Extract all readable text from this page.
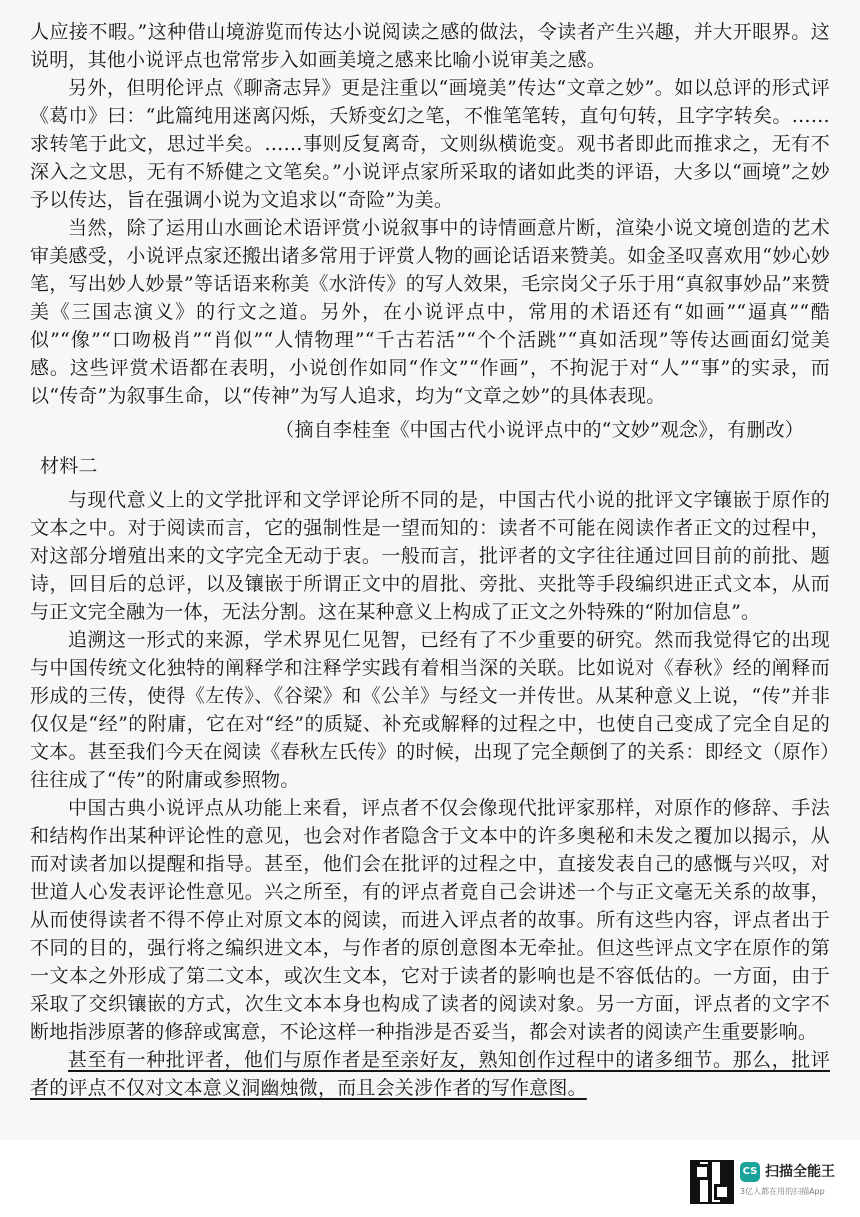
人应接不暇。”这种借山境游览而传达小说阅读之感的做法，令读者产生兴趣，并大开眼界。这说明，其他小说评点也常常步入如画美境之感来比喻小说审美之感。

另外，但明伦评点《聊斋志异》更是注重以“画境美”传达“文章之妙”。如以总评的形式评《葛巾》曰：“此篇纯用迷离闪烁，夭矫变幻之笔，不惟笔笔转，直句句转，且字字转矣。……求转笔于此文，思过半矣。……事则反复离奇，文则纵横诡变。观书者即此而推求之，无有不深入之文思，无有不矫健之文笔矣。”小说评点家所采取的诸如此类的评语，大多以“画境”之妙予以传达，旨在强调小说为文追求以“奇险”为美。

当然，除了运用山水画论术语评赏小说叙事中的诗情画意片断，渲染小说文境创造的艺术审美感受，小说评点家还搬出诸多常用于评赏人物的画论话语来赞美。如金圣叹喜欢用“妙心妙笔，写出妙人妙景”等话语来称美《水浒传》的写人效果，毛宗岗父子乐于用“真叙事妙品”来赞美《三国志演义》的行文之道。另外，在小说评点中，常用的术语还有“如画”“逼真”“酷似”“像”“口吻极肖”“肖似”“人情物理”“千古若活”“个个活跳”“真如活现”等传达画面幻觉美感。这些评赏术语都在表明，小说创作如同“作文”“作画”，不拘泥于对“人”“事”的实录，而以“传奇”为叙事生命，以“传神”为写人追求，均为“文章之妙”的具体表现。

（摘自李桂奎《中国古代小说评点中的“文妙”观念》，有删改）

材料二

与现代意义上的文学批评和文学评论所不同的是，中国古代小说的批评文字镶嵌于原作的文本之中。对于阅读而言，它的强制性是一望而知的：读者不可能在阅读作者正文的过程中，对这部分增殖出来的文字完全无动于衷。一般而言，批评者的文字往往通过回目前的前批、题诗，回目后的总评，以及镶嵌于所谓正文中的眉批、旁批、夹批等手段编织进正式文本，从而与正文完全融为一体，无法分割。这在某种意义上构成了正文之外特殊的“附加信息”。

追溯这一形式的来源，学术界见仁见智，已经有了不少重要的研究。然而我觉得它的出现与中国传统文化独特的阐释学和注释学实践有着相当深的关联。比如说对《春秋》经的阐释而形成的三传，使得《左传》、《谷梁》和《公羊》与经文一并传世。从某种意义上说，“传”并非仅仅是“经”的附庸，它在对“经”的质疑、补充或解释的过程之中，也使自己变成了完全自足的文本。甚至我们今天在阅读《春秋左氏传》的时候，出现了完全颠倒了的关系：即经文（原作）往往成了“传”的附庸或参照物。

中国古典小说评点从功能上来看，评点者不仅会像现代批评家那样，对原作的修辞、手法和结构作出某种评论性的意见，也会对作者隐含于文本中的许多奥秘和未发之覆加以揭示，从而对读者加以提醒和指导。甚至，他们会在批评的过程之中，直接发表自己的感慨与兴叹，对世道人心发表评论性意见。兴之所至，有的评点者竟自己会讲述一个与正文毫无关系的故事，从而使得读者不得不停止对原文本的阅读，而进入评点者的故事。所有这些内容，评点者出于不同的目的，强行将之编织进文本，与作者的原创意图本无牵扯。但这些评点文字在原作的第一文本之外形成了第二文本，或次生文本，它对于读者的影响也是不容低估的。一方面，由于采取了交织镶嵌的方式，次生文本本身也构成了读者的阅读对象。另一方面，评点者的文字不断地指涉原著的修辞或寓意，不论这样一种指涉是否妥当，都会对读者的阅读产生重要影响。

甚至有一种批评者，他们与原作者是至亲好友，熟知创作过程中的诸多细节。那么，批评者的评点不仅对文本意义洞幽烛微，而且会关涉作者的写作意图。

CS 扫描全能王
3亿人都在用的扫描App
